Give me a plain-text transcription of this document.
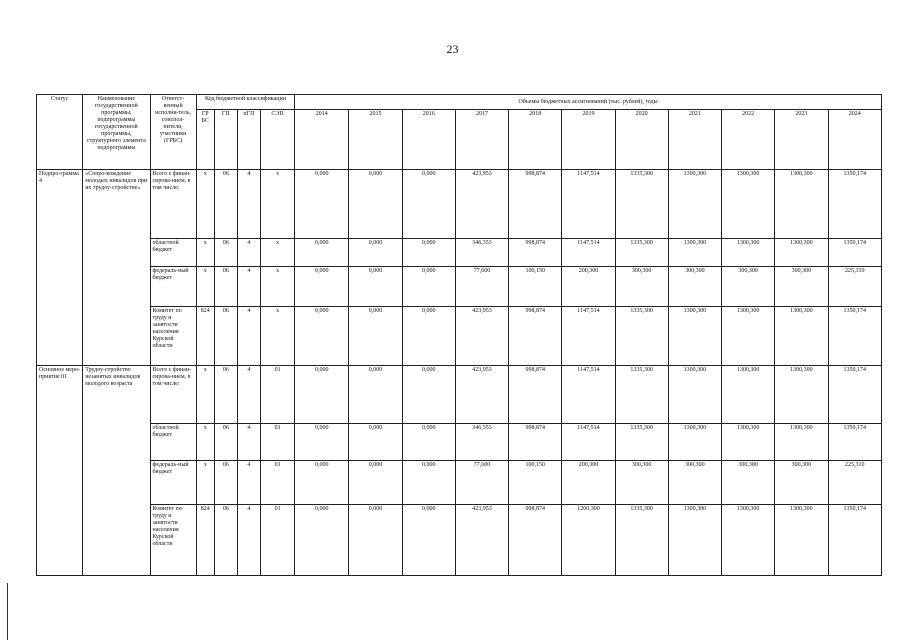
23
Статус	Наименование государственной программы, подпрограммы государственной программы, структурного элемента подпрограммы	Ответст-венный исполни-тель, соиспол-нители, участники (ГРБС)	Код бюджетной классификации				Объемы бюджетных ассигнований (тыс. рублей), годы										
			ГР БС	ГП	пГП	СЭП	2014	2015	2016	2017	2018	2019	2020	2021	2022	2023	2024
Подпро-грамма 4	«Сопро-вождение молодых инвалидов при их трудоу-стройстве»	Всего с финан-сирова-нием, в том числе:	х	06	4	х	0,000	0,000	0,000	423,953	998,874	1147,514	1335,300	1300,300	1300,300	1300,300	1350,174
		областной бюджет	х	06	4	х	0,000	0,000	0,000	346,353	998,874	1147,514	1335,300	1300,300	1300,300	1300,300	1350,174
		федераль-ный бюджет	х	06	4	х	0,000	0,000	0,000	77,600	100,150	200,300	300,300	300,300	300,300	300,300	225,310
		Комитет по труду и занятости населения Курской области	824	06	4	х	0,000	0,000	0,000	423,953	998,874	1147,514	1335,300	1300,300	1300,300	1300,300	1350,174
Основное меро-приятие 01	Трудоу-стройство незанятых инвалидов молодого возраста	Всего с финан-сирова-нием, в том числе:	х	06	4	01	0,000	0,000	0,000	423,953	998,874	1147,514	1335,300	1300,300	1300,300	1300,300	1350,174
		областной бюджет	х	06	4	01	0,000	0,000	0,000	346,353	998,874	1147,514	1335,300	1300,300	1300,300	1300,300	1350,174
		федераль-ный бюджет	х	06	4	01	0,000	0,000	0,000	77,600	100,150	200,300	300,300	300,300	300,300	300,300	225,310
		Комитет по труду и занятости населения Курской области	824	06	4	01	0,000	0,000	0,000	423,953	998,874	1200,300	1335,300	1300,300	1300,300	1300,300	1350,174
